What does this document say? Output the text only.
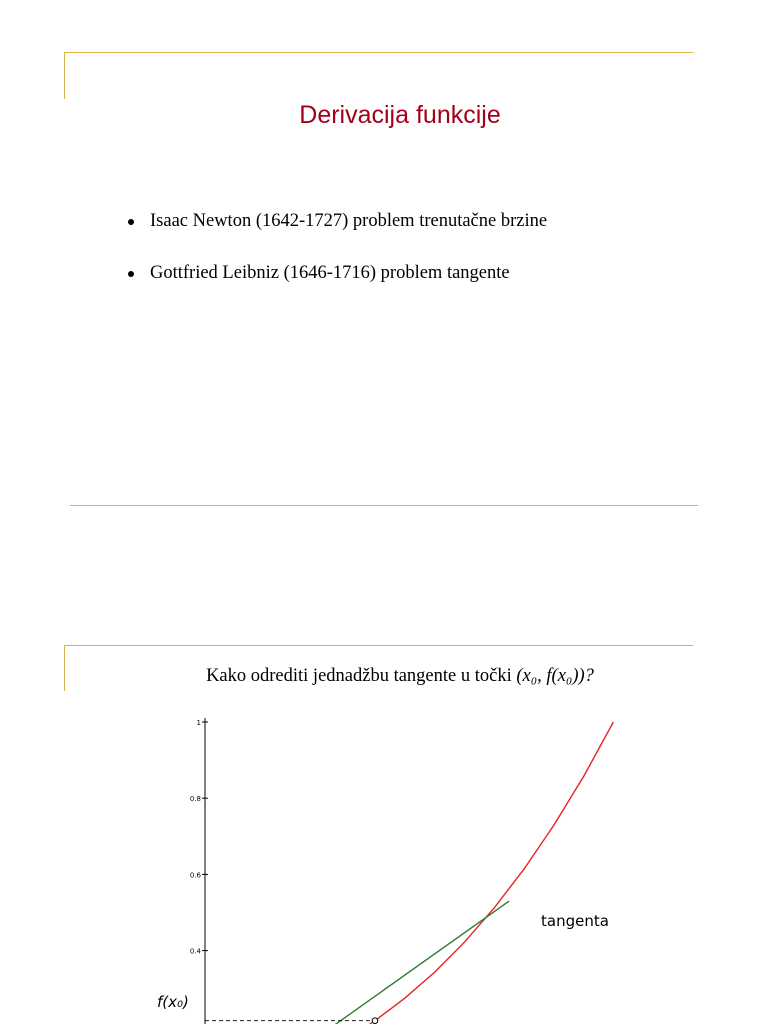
Derivacija funkcije
Isaac Newton (1642-1727) problem trenutačne brzine
Gottfried Leibniz (1646-1716) problem tangente
Kako odrediti jednadžbu tangente u točki (x₀, f(x₀))?
1
0.8
0.6
0.4
tangenta
f(x₀)
